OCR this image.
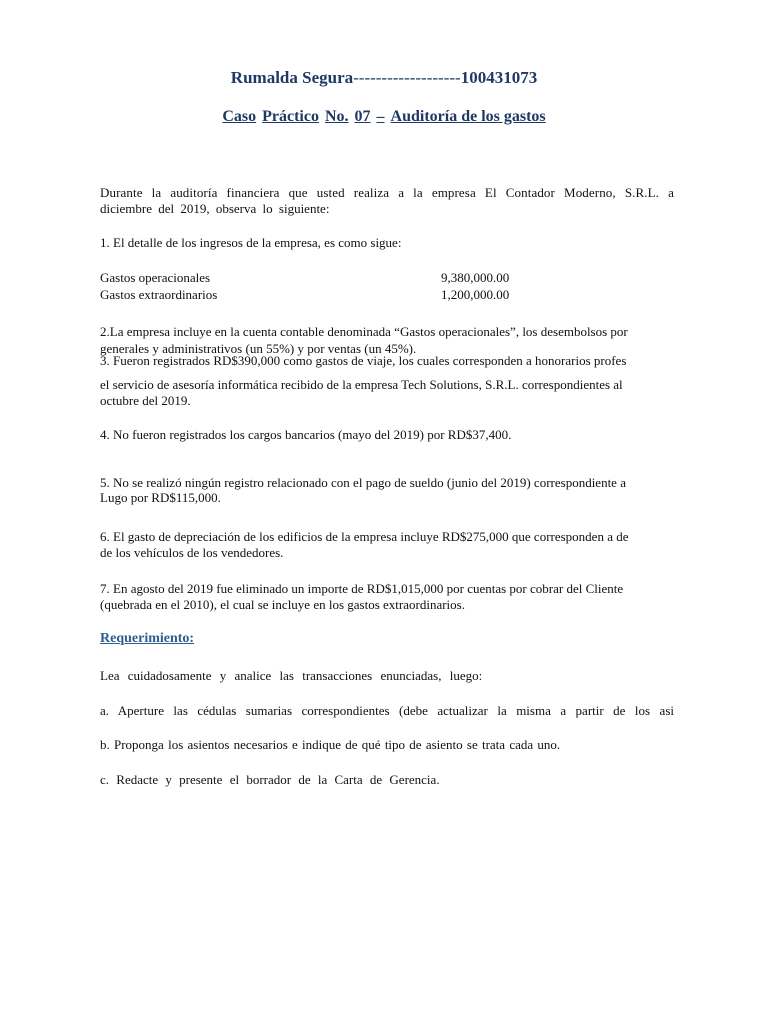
Rumalda Segura-------------------100431073
Caso Práctico No. 07 – Auditoría de los gastos
Durante la auditoría financiera que usted realiza a la empresa El Contador Moderno, S.R.L. a
diciembre del 2019, observa lo siguiente:
1. El detalle de los ingresos de la empresa, es como sigue:
Gastos operacionales	9,380,000.00
Gastos extraordinarios	1,200,000.00
2.La empresa incluye en la cuenta contable denominada “Gastos operacionales”, los desembolsos por
generales y administrativos (un 55%) y por ventas (un 45%).
3. Fueron registrados RD$390,000 como gastos de viaje, los cuales corresponden a honorarios profes
el servicio de asesoría informática recibido de la empresa Tech Solutions, S.R.L. correspondientes al
octubre del 2019.
4. No fueron registrados los cargos bancarios (mayo del 2019) por RD$37,400.
5. No se realizó ningún registro relacionado con el pago de sueldo (junio del 2019) correspondiente a
Lugo por RD$115,000.
6. El gasto de depreciación de los edificios de la empresa incluye RD$275,000 que corresponden a de
de los vehículos de los vendedores.
7. En agosto del 2019 fue eliminado un importe de RD$1,015,000 por cuentas por cobrar del Cliente
(quebrada en el 2010), el cual se incluye en los gastos extraordinarios.
Requerimiento:
Lea cuidadosamente y analice las transacciones enunciadas, luego:
a. Aperture las cédulas sumarias correspondientes (debe actualizar la misma a partir de los asi
b. Proponga los asientos necesarios e indique de qué tipo de asiento se trata cada uno.
c. Redacte y presente el borrador de la Carta de Gerencia.
